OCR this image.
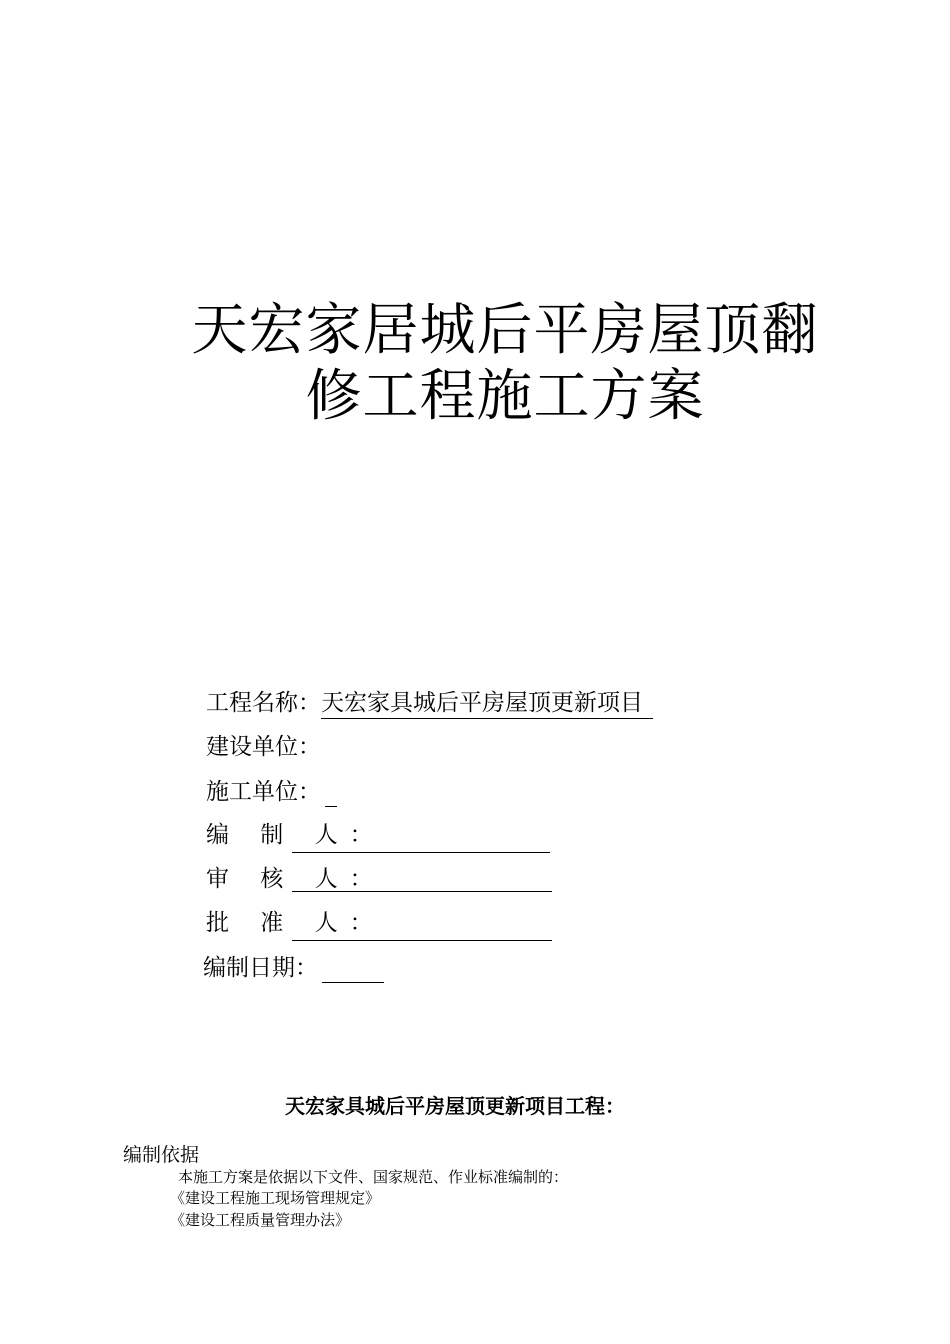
天宏家居城后平房屋顶翻
修工程施工方案
工程名称：天宏家具城后平房屋顶更新项目
建设单位：
施工单位：
编 制 人：
审 核 人：
批 准 人：
编制日期：
天宏家具城后平房屋顶更新项目工程：
编制依据
本施工方案是依据以下文件、国家规范、作业标准编制的：
《建设工程施工现场管理规定》
《建设工程质量管理办法》
